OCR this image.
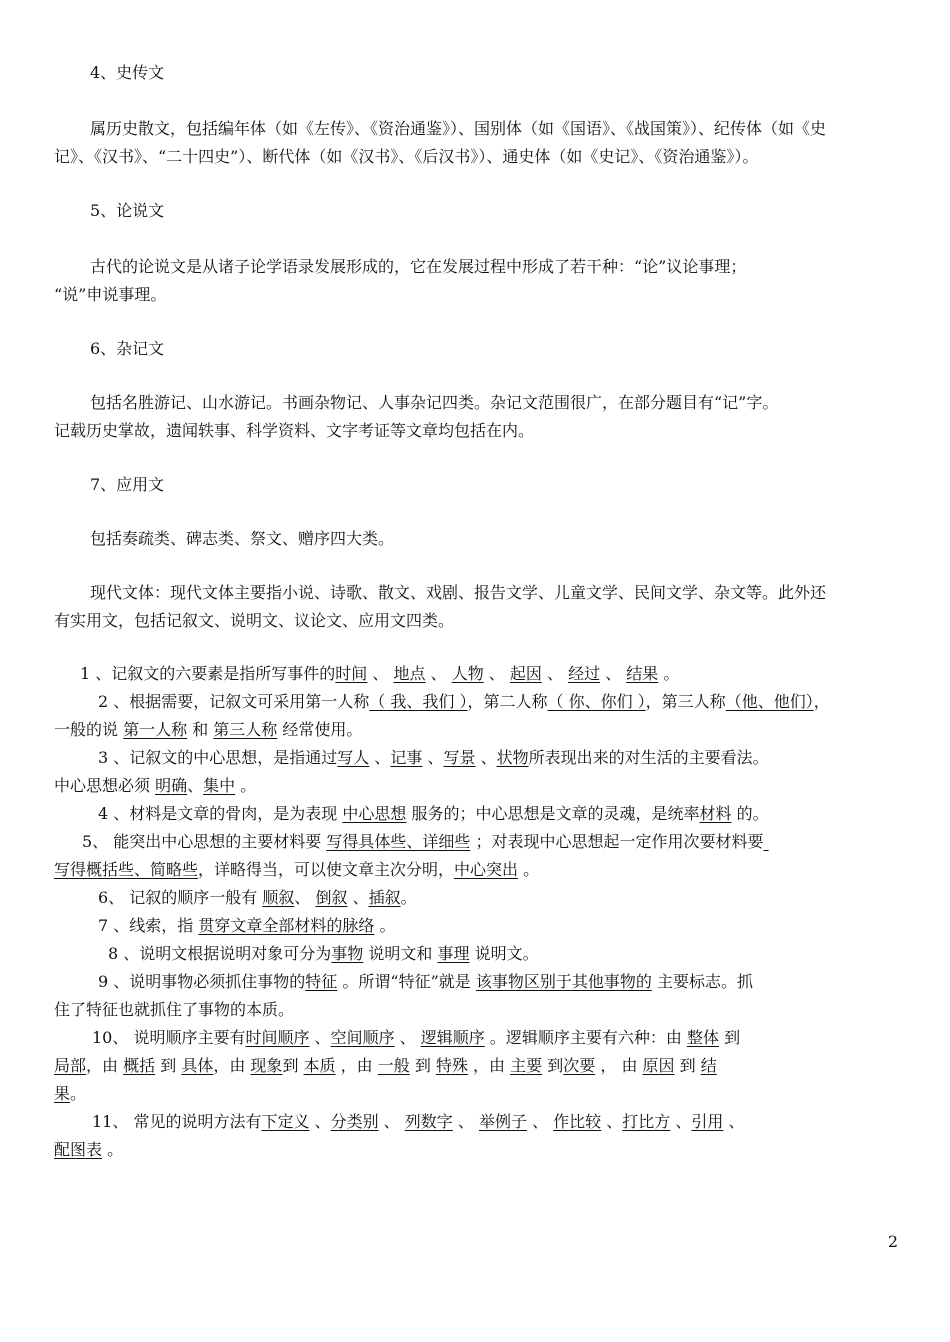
4、史传文
属历史散文，包括编年体（如《左传》、《资治通鉴》）、国别体（如《国语》、《战国策》）、纪传体（如《史
记》、《汉书》、“二十四史”）、断代体（如《汉书》、《后汉书》）、通史体（如《史记》、《资治通鉴》）。
5、论说文
古代的论说文是从诸子论学语录发展形成的，它在发展过程中形成了若干种：“论”议论事理；
“说”申说事理。
6、杂记文
包括名胜游记、山水游记。书画杂物记、人事杂记四类。杂记文范围很广，在部分题目有“记”字。
记载历史掌故，遗闻轶事、科学资料、文字考证等文章均包括在内。
7、应用文
包括奏疏类、碑志类、祭文、赠序四大类。
现代文体：现代文体主要指小说、诗歌、散文、戏剧、报告文学、儿童文学、民间文学、杂文等。此外还
有实用文，包括记叙文、说明文、议论文、应用文四类。
1 、记叙文的六要素是指所写事件的时间 、 地点 、 人物 、 起因 、 经过 、 结果 。
2 、根据需要，记叙文可采用第一人称（ 我、我们 ），第二人称（ 你、你们 ），第三人称（他、他们），
一般的说 第一人称 和 第三人称 经常使用。
3 、记叙文的中心思想，是指通过写人 、记事 、写景 、状物所表现出来的对生活的主要看法。
中心思想必须 明确、集中 。
4 、材料是文章的骨肉，是为表现 中心思想 服务的；中心思想是文章的灵魂，是统率材料 的。
5、 能突出中心思想的主要材料要 写得具体些、详细些 ；对表现中心思想起一定作用次要材料要
写得概括些、简略些，详略得当，可以使文章主次分明，中心突出 。
6、 记叙的顺序一般有 顺叙、 倒叙 、插叙。
7 、线索，指 贯穿文章全部材料的脉络 。
8 、说明文根据说明对象可分为事物 说明文和 事理 说明文。
9 、说明事物必须抓住事物的特征 。所谓“特征”就是 该事物区别于其他事物的 主要标志。抓
住了特征也就抓住了事物的本质。
10、 说明顺序主要有时间顺序 、空间顺序 、 逻辑顺序 。逻辑顺序主要有六种：由 整体 到
局部，由 概括 到 具体，由 现象到 本质 ，由 一般 到 特殊 ，由 主要 到次要 ， 由 原因 到 结
果。
11、 常见的说明方法有下定义 、分类别 、 列数字 、 举例子 、 作比较 、打比方 、引用 、
配图表 。
2
